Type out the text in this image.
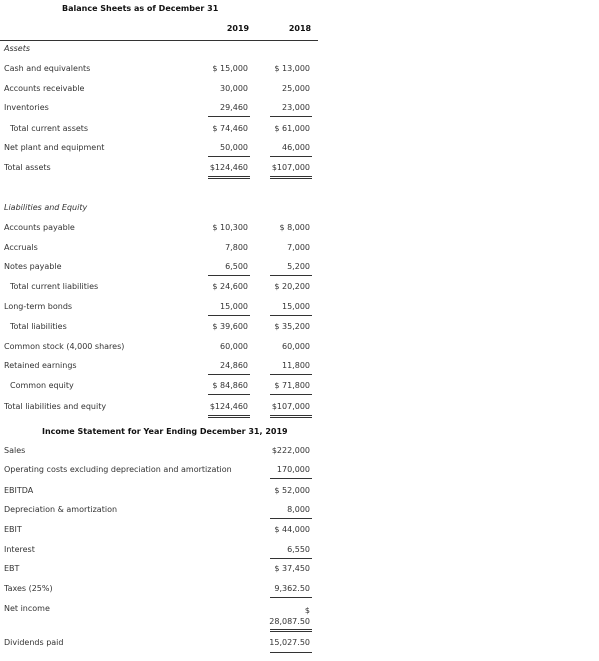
Balance Sheets as of December 31
2019	2018
Assets
Cash and equivalents	$ 15,000	$ 13,000
Accounts receivable	30,000	25,000
Inventories	29,460	23,000
Total current assets	$ 74,460	$ 61,000
Net plant and equipment	50,000	46,000
Total assets	$124,460	$107,000
Liabilities and Equity
Accounts payable	$ 10,300	$ 8,000
Accruals	7,800	7,000
Notes payable	6,500	5,200
Total current liabilities	$ 24,600	$ 20,200
Long-term bonds	15,000	15,000
Total liabilities	$ 39,600	$ 35,200
Common stock (4,000 shares)	60,000	60,000
Retained earnings	24,860	11,800
Common equity	$ 84,860	$ 71,800
Total liabilities and equity	$124,460	$107,000
Income Statement for Year Ending December 31, 2019
Sales	$222,000
Operating costs excluding depreciation and amortization	170,000
EBITDA	$ 52,000
Depreciation & amortization	8,000
EBIT	$ 44,000
Interest	6,550
EBT	$ 37,450
Taxes (25%)	9,362.50
Net income	$
28,087.50
Dividends paid	15,027.50
